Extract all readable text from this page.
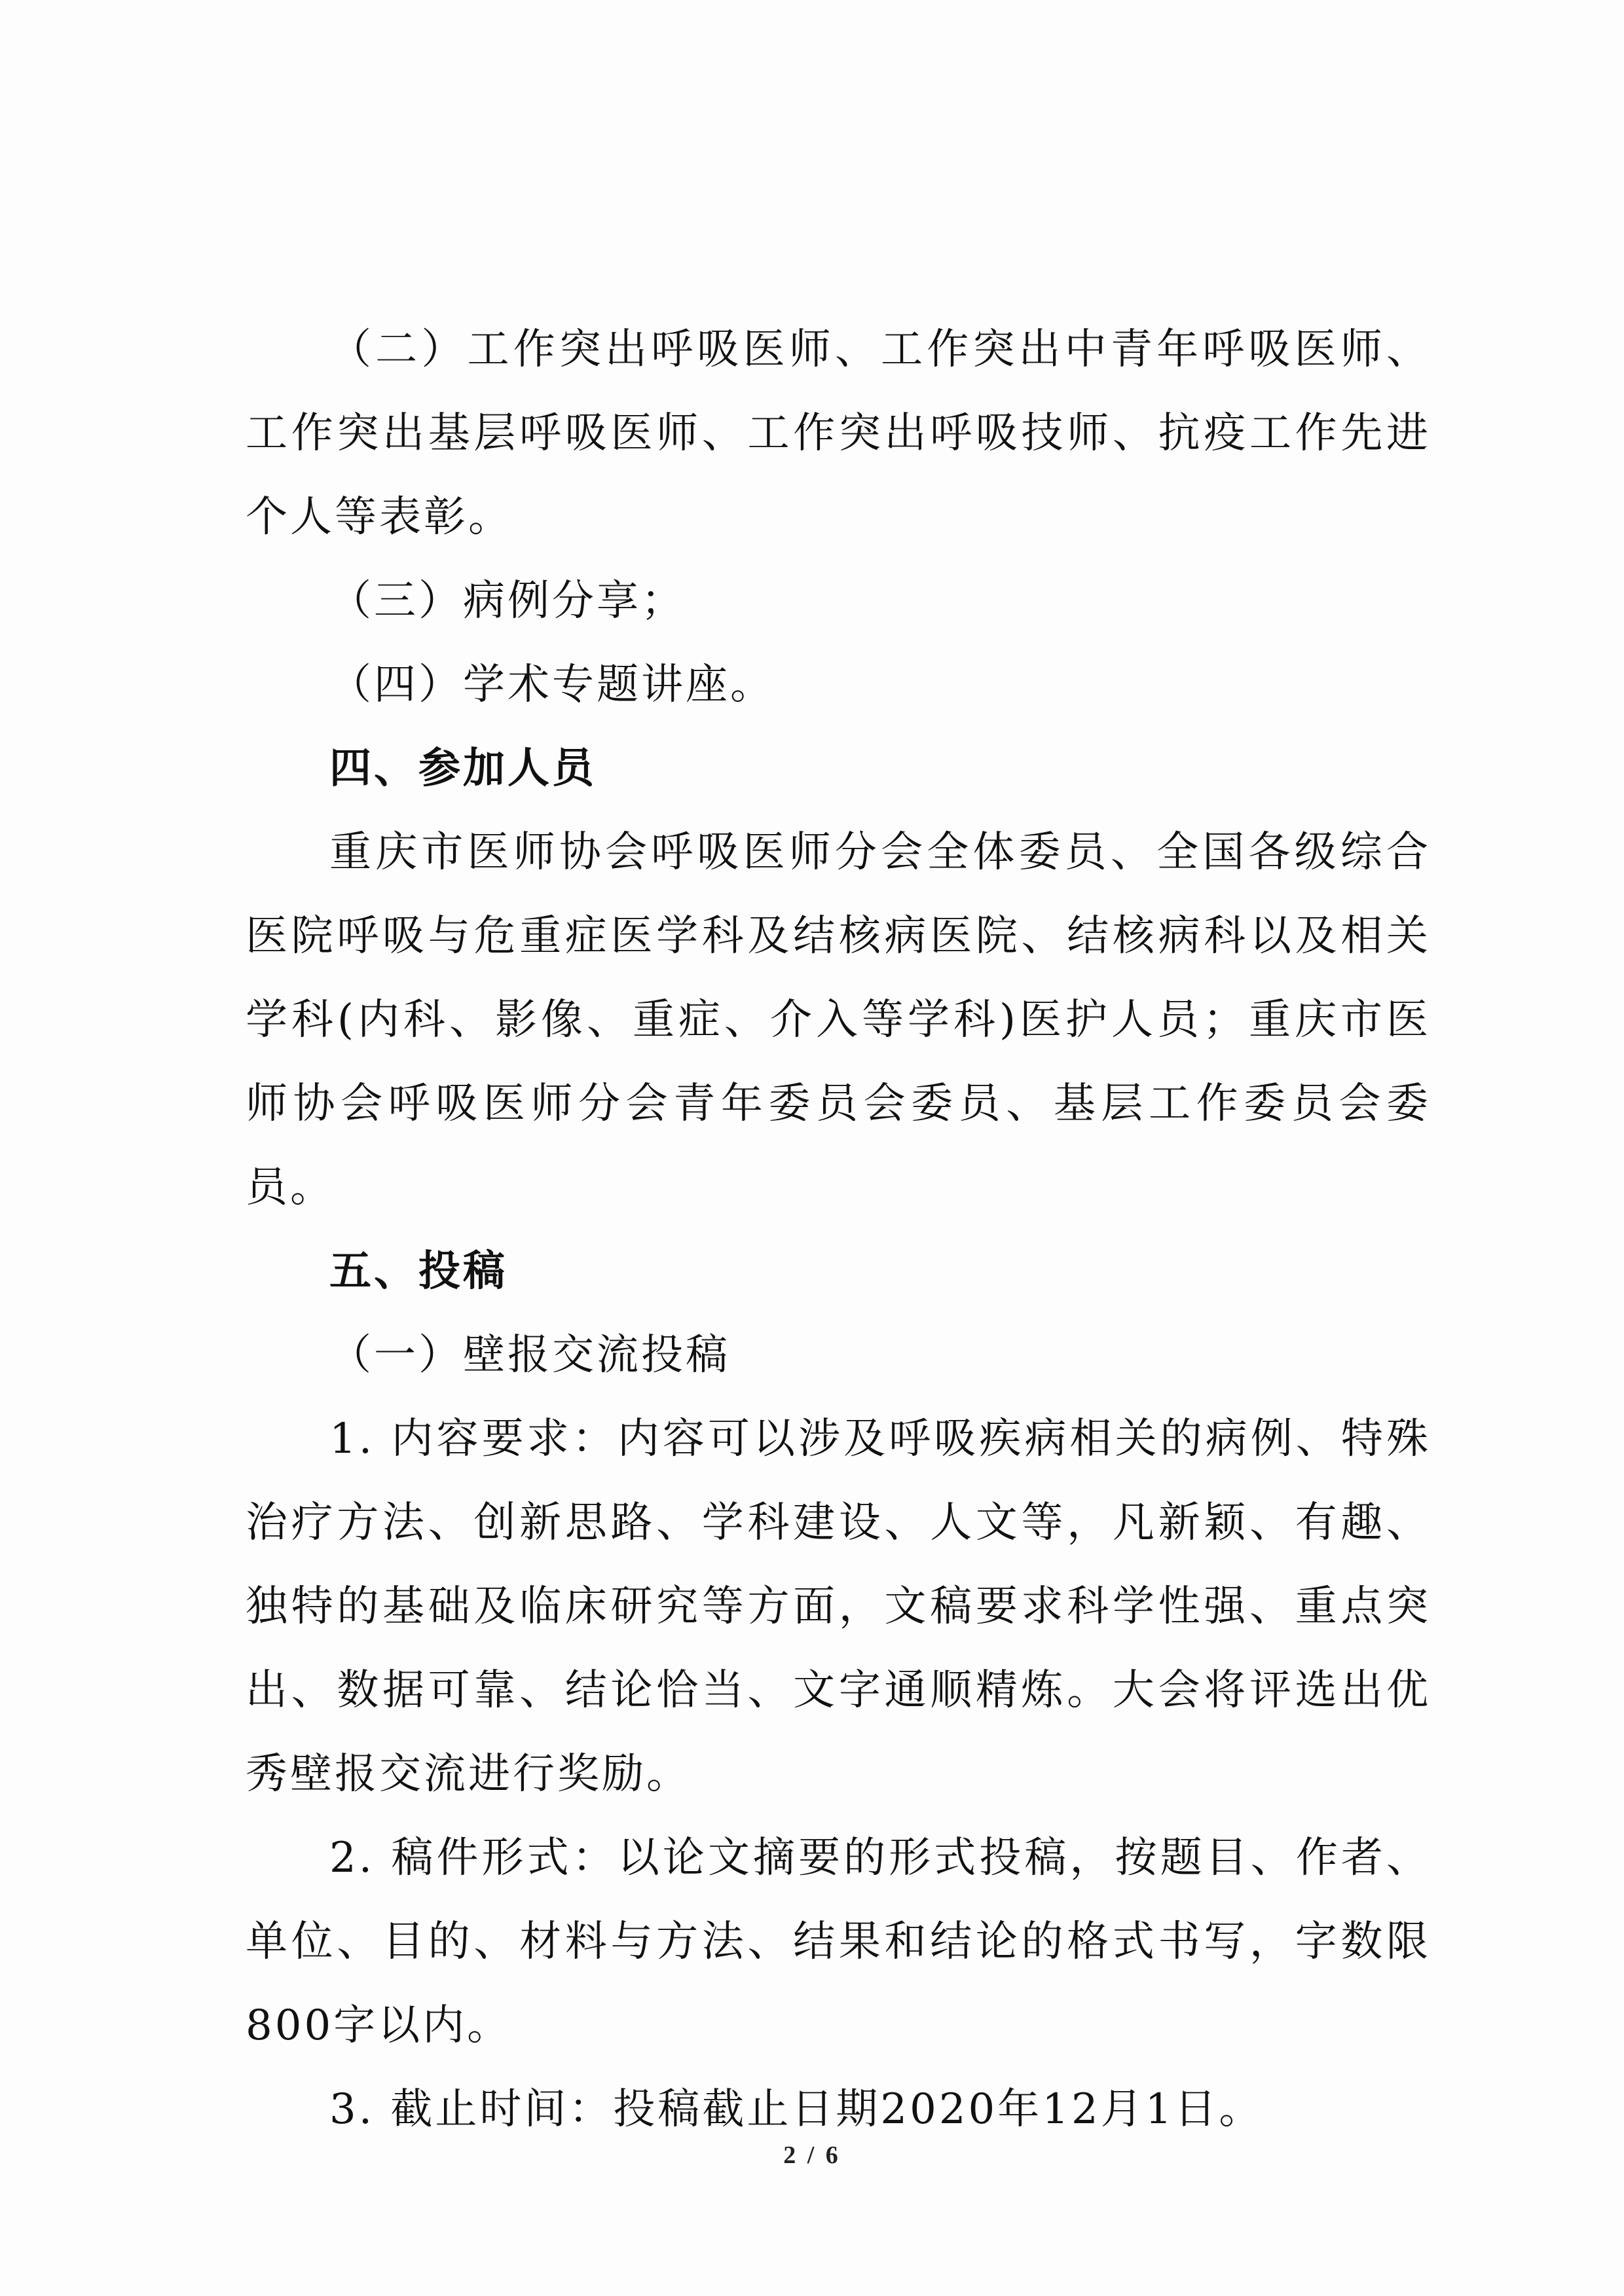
（二）工作突出呼吸医师、工作突出中青年呼吸医师、工作突出基层呼吸医师、工作突出呼吸技师、抗疫工作先进个人等表彰。

（三）病例分享；

（四）学术专题讲座。

四、参加人员

重庆市医师协会呼吸医师分会全体委员、全国各级综合医院呼吸与危重症医学科及结核病医院、结核病科以及相关学科(内科、影像、重症、介入等学科)医护人员；重庆市医师协会呼吸医师分会青年委员会委员、基层工作委员会委员。

五、投稿

（一）壁报交流投稿

1. 内容要求：内容可以涉及呼吸疾病相关的病例、特殊治疗方法、创新思路、学科建设、人文等，凡新颖、有趣、独特的基础及临床研究等方面，文稿要求科学性强、重点突出、数据可靠、结论恰当、文字通顺精炼。大会将评选出优秀壁报交流进行奖励。

2. 稿件形式：以论文摘要的形式投稿，按题目、作者、单位、目的、材料与方法、结果和结论的格式书写，字数限800字以内。

3. 截止时间：投稿截止日期2020年12月1日。

2 / 6
